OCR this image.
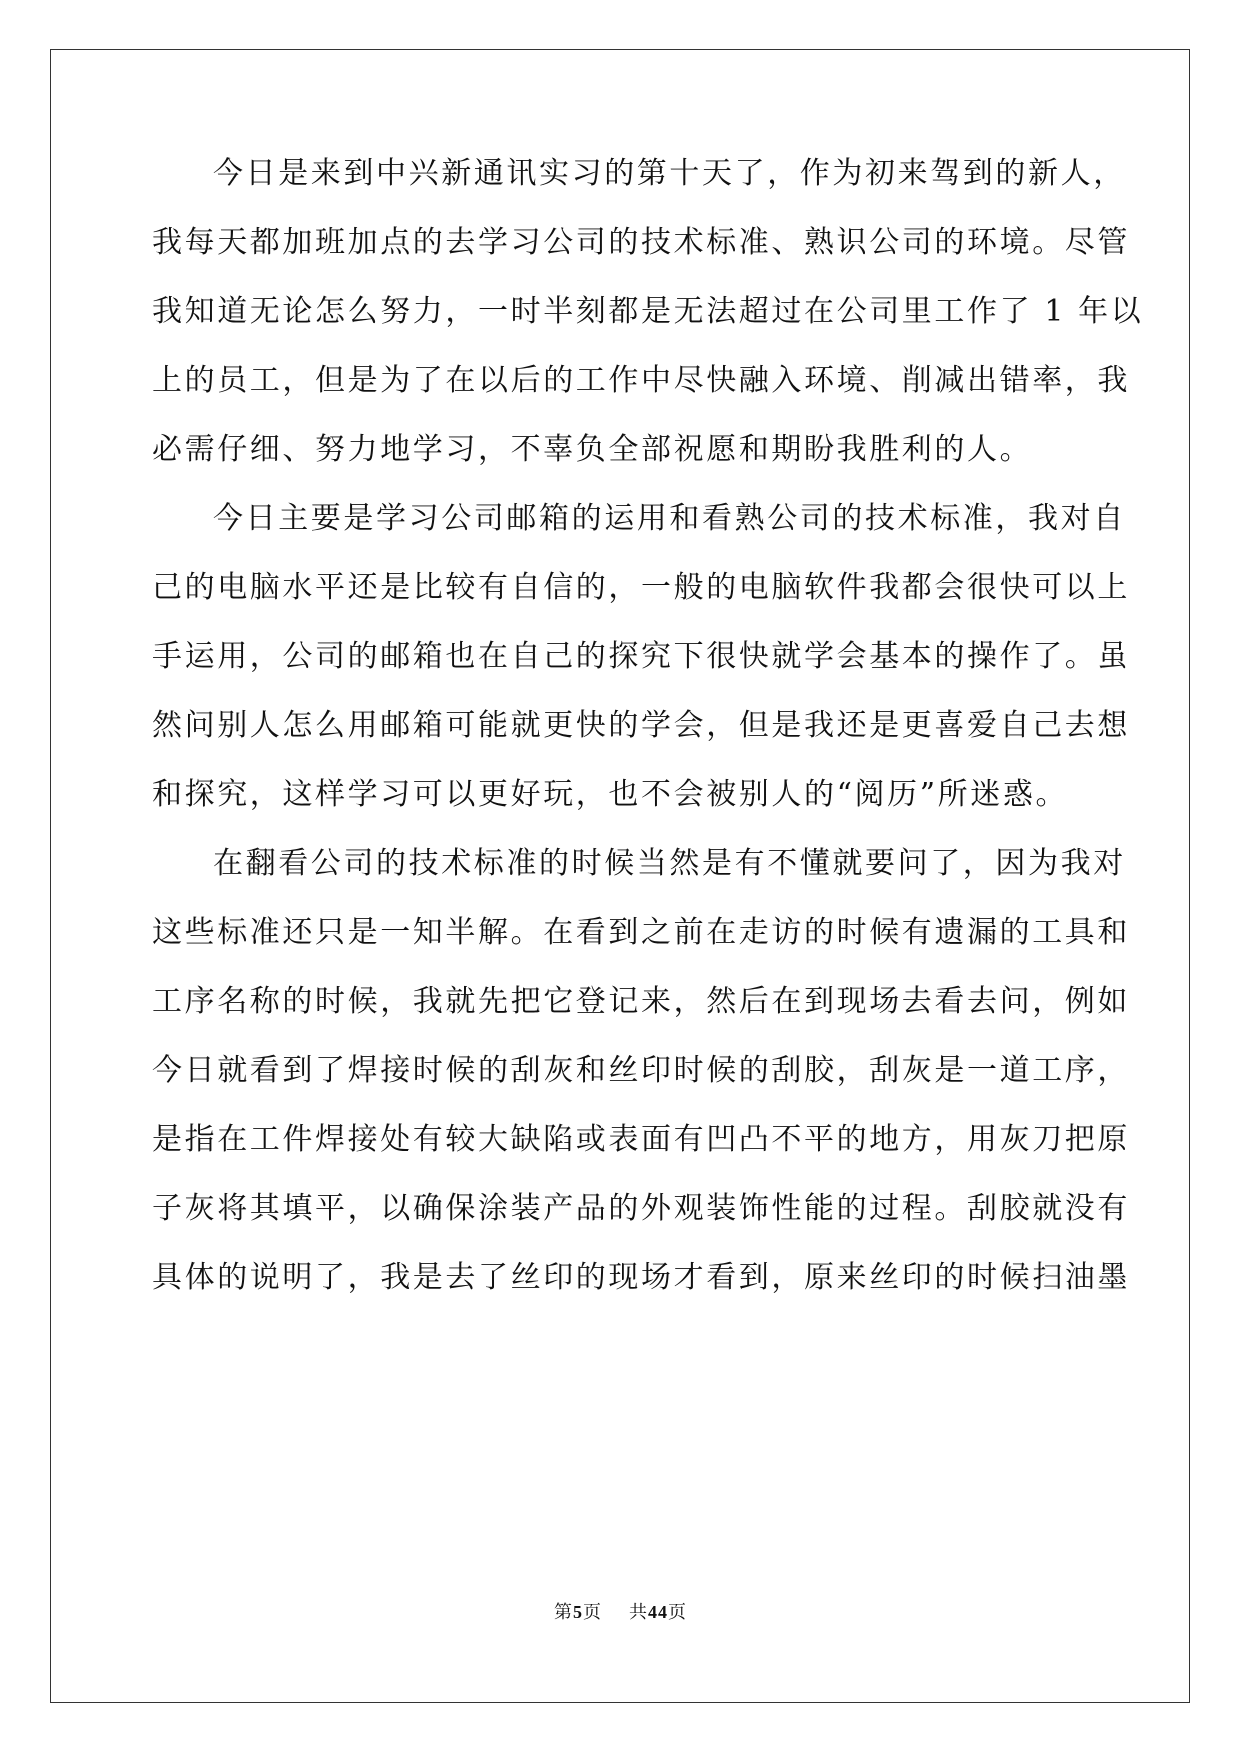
今日是来到中兴新通讯实习的第十天了，作为初来驾到的新人，
我每天都加班加点的去学习公司的技术标准、熟识公司的环境。尽管
我知道无论怎么努力，一时半刻都是无法超过在公司里工作了 1 年以
上的员工，但是为了在以后的工作中尽快融入环境、削减出错率，我
必需仔细、努力地学习，不辜负全部祝愿和期盼我胜利的人。
今日主要是学习公司邮箱的运用和看熟公司的技术标准，我对自
己的电脑水平还是比较有自信的，一般的电脑软件我都会很快可以上
手运用，公司的邮箱也在自己的探究下很快就学会基本的操作了。虽
然问别人怎么用邮箱可能就更快的学会，但是我还是更喜爱自己去想
和探究，这样学习可以更好玩，也不会被别人的“阅历”所迷惑。
在翻看公司的技术标准的时候当然是有不懂就要问了，因为我对
这些标准还只是一知半解。在看到之前在走访的时候有遗漏的工具和
工序名称的时候，我就先把它登记来，然后在到现场去看去问，例如
今日就看到了焊接时候的刮灰和丝印时候的刮胶，刮灰是一道工序，
是指在工件焊接处有较大缺陷或表面有凹凸不平的地方，用灰刀把原
子灰将其填平，以确保涂装产品的外观装饰性能的过程。刮胶就没有
具体的说明了，我是去了丝印的现场才看到，原来丝印的时候扫油墨
第5页 共44页
